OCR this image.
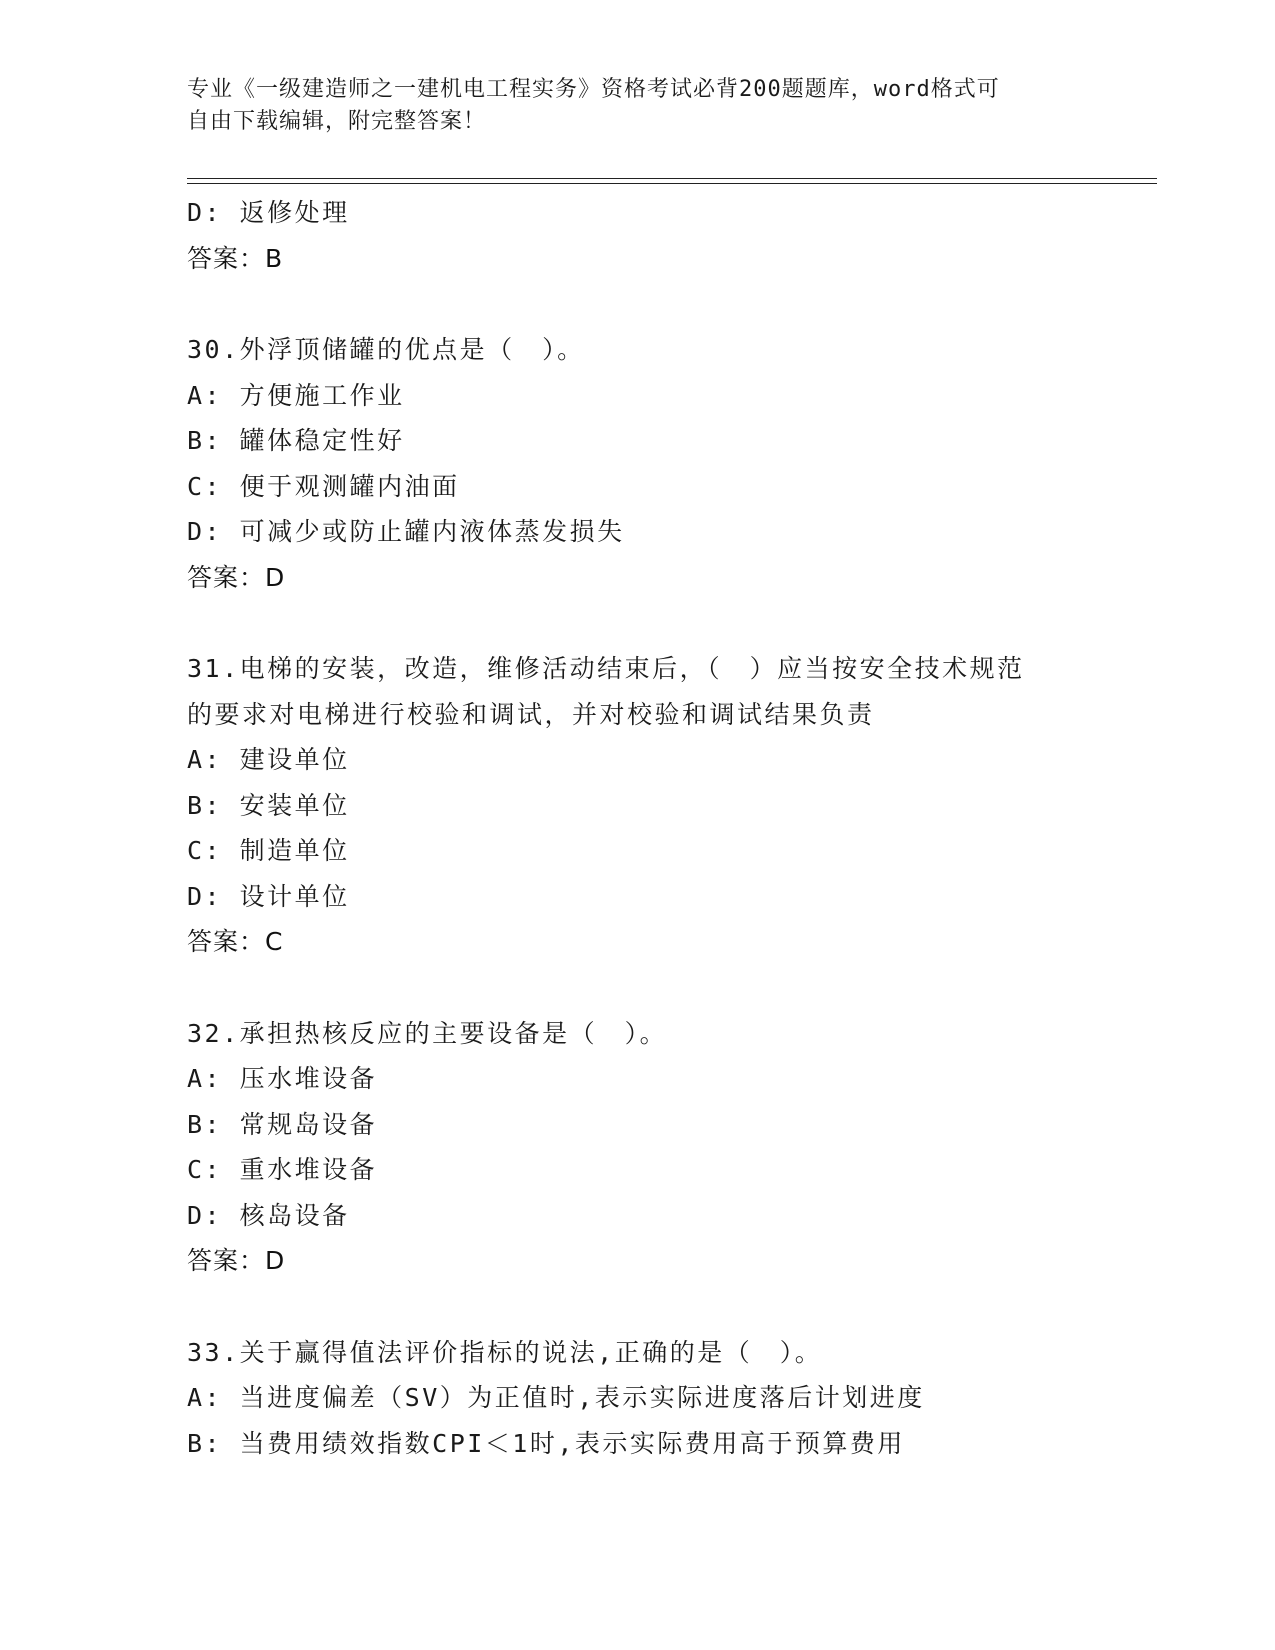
专业《一级建造师之一建机电工程实务》资格考试必背200题题库，word格式可
自由下载编辑，附完整答案！
D: 返修处理
答案：B
30.外浮顶储罐的优点是（　）。
A: 方便施工作业
B: 罐体稳定性好
C: 便于观测罐内油面
D: 可减少或防止罐内液体蒸发损失
答案：D
31.电梯的安装，改造，维修活动结束后，（　）应当按安全技术规范
的要求对电梯进行校验和调试，并对校验和调试结果负责
A: 建设单位
B: 安装单位
C: 制造单位
D: 设计单位
答案：C
32.承担热核反应的主要设备是（　）。
A: 压水堆设备
B: 常规岛设备
C: 重水堆设备
D: 核岛设备
答案：D
33.关于赢得值法评价指标的说法,正确的是（　）。
A: 当进度偏差（SV）为正值时,表示实际进度落后计划进度
B: 当费用绩效指数CPI＜1时,表示实际费用高于预算费用
